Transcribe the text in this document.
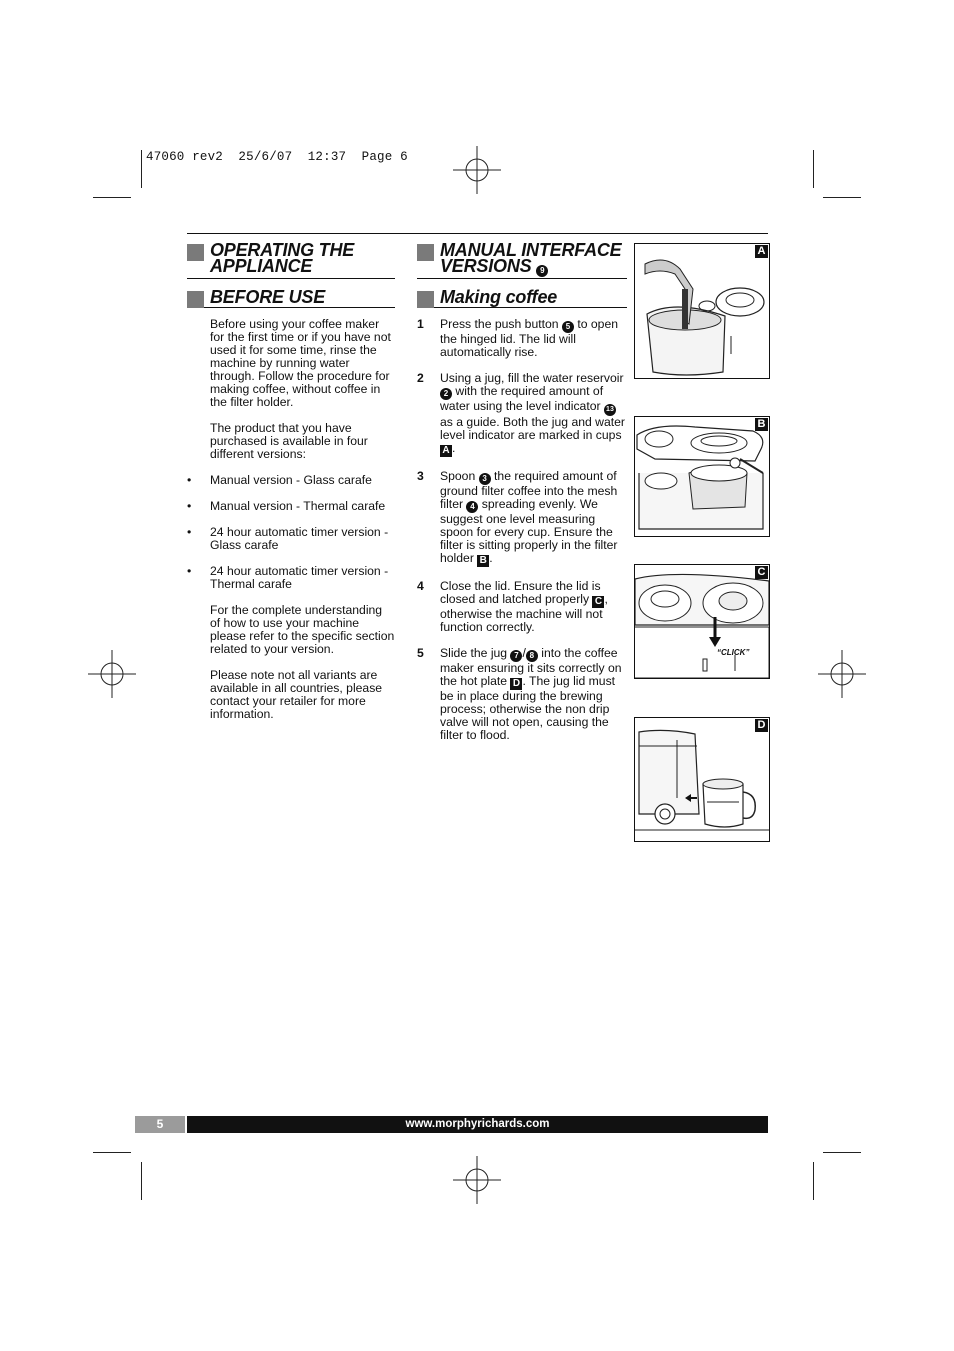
47060 rev2  25/6/07  12:37  Page 6
OPERATING THE
APPLIANCE
BEFORE USE
Before using your coffee maker for the first time or if you have not used it for some time, rinse the machine by running water through. Follow the procedure for making coffee, without coffee in the filter holder.
The product that you have purchased is available in four different versions:
• Manual version - Glass carafe
• Manual version - Thermal carafe
• 24 hour automatic timer version - Glass carafe
• 24 hour automatic timer version - Thermal carafe
For the complete understanding of how to use your machine please refer to the specific section related to your version.
Please note not all variants are available in all countries, please contact your retailer for more information.
MANUAL INTERFACE
VERSIONS 9
Making coffee
1 Press the push button 5 to open the hinged lid. The lid will automatically rise.
2 Using a jug, fill the water reservoir 2 with the required amount of water using the level indicator 13 as a guide. Both the jug and water level indicator are marked in cups A .
3 Spoon 3 the required amount of ground filter coffee into the mesh filter 4 spreading evenly. We suggest one level measuring spoon for every cup. Ensure the filter is sitting properly in the filter holder B .
4 Close the lid. Ensure the lid is closed and latched properly C , otherwise the machine will not function correctly.
5 Slide the jug 7 / 8 into the coffee maker ensuring it sits correctly on the hot plate D . The jug lid must be in place during the brewing process; otherwise the non drip valve will not open, causing the filter to flood.
A
B
C
“CLICK”
D
5	www.morphyrichards.com
